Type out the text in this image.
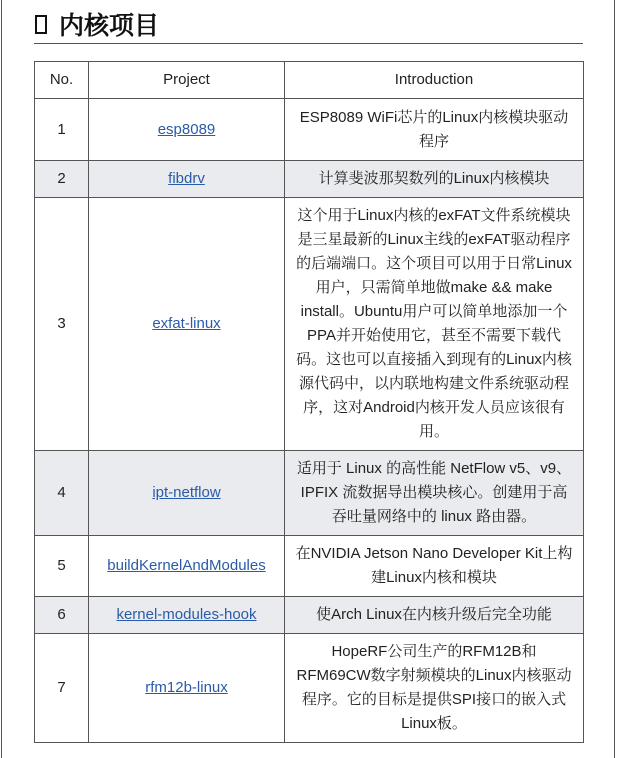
内核项目
No.	Project	Introduction
1	esp8089	ESP8089 WiFi芯片的Linux内核模块驱动程序
2	fibdrv	计算斐波那契数列的Linux内核模块
3	exfat-linux	这个用于Linux内核的exFAT文件系统模块是三星最新的Linux主线的exFAT驱动程序的后端端口。这个项目可以用于日常Linux用户，只需简单地做make && make install。Ubuntu用户可以简单地添加一个PPA并开始使用它，甚至不需要下载代码。这也可以直接插入到现有的Linux内核源代码中，以内联地构建文件系统驱动程序，这对Android内核开发人员应该很有用。
4	ipt-netflow	适用于 Linux 的高性能 NetFlow v5、v9、IPFIX 流数据导出模块核心。创建用于高吞吐量网络中的 linux 路由器。
5	buildKernelAndModules	在NVIDIA Jetson Nano Developer Kit上构建Linux内核和模块
6	kernel-modules-hook	使Arch Linux在内核升级后完全功能
7	rfm12b-linux	HopeRF公司生产的RFM12B和RFM69CW数字射频模块的Linux内核驱动程序。它的目标是提供SPI接口的嵌入式Linux板。
